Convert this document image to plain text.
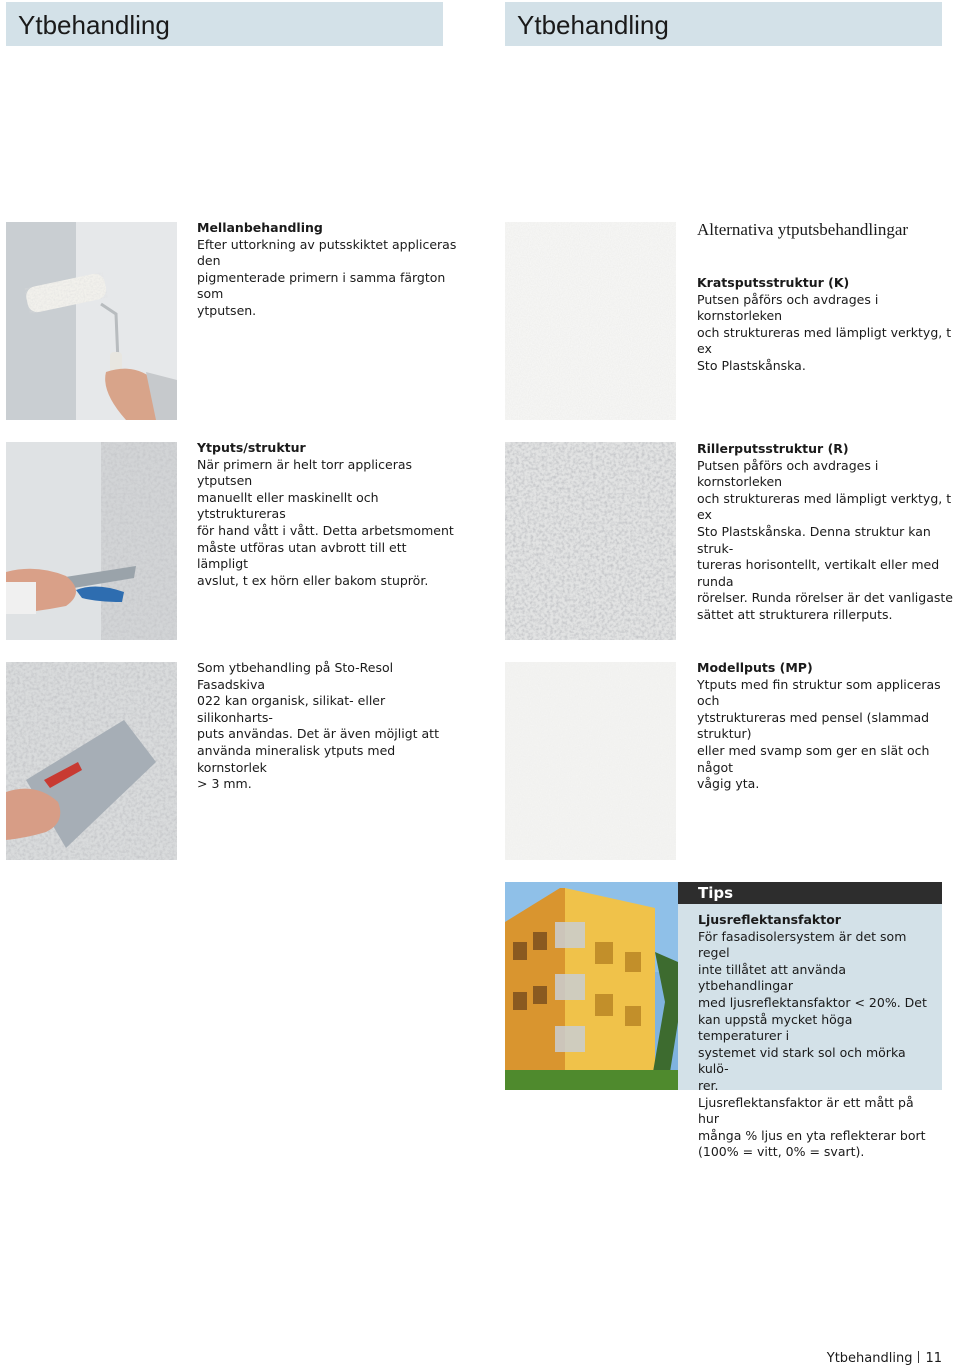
Ytbehandling	Ytbehandling
Mellanbehandling

Efter uttorkning av putsskiktet appliceras den

pigmenterade primern i samma färgton som

ytputsen.

Ytputs/struktur

När primern är helt torr appliceras ytputsen

manuellt eller maskinellt och ytstruktureras

för hand vått i vått. Detta arbetsmoment

måste utföras utan avbrott till ett lämpligt

avslut, t ex hörn eller bakom stuprör.

Som ytbehandling på Sto-Resol Fasadskiva

022 kan organisk, silikat- eller silikonharts-

puts användas. Det är även möjligt att

använda mineralisk ytputs med kornstorlek

> 3 mm.

Alternativa ytputsbehandlingar
Kratsputsstruktur (K)

Putsen påförs och avdrages i kornstorleken

och struktureras med lämpligt verktyg, t ex

Sto Plastskånska.

Rillerputsstruktur (R)

Putsen påförs och avdrages i kornstorleken

och struktureras med lämpligt verktyg, t ex

Sto Plastskånska. Denna struktur kan struk-

tureras horisontellt, vertikalt eller med runda

rörelser. Runda rörelser är det vanligaste

sättet att strukturera rillerputs.

Modellputs (MP)

Ytputs med fin struktur som appliceras och

ytstruktureras med pensel (slammad struktur)

eller med svamp som ger en slät och något

vågig yta.

Tips
Ljusreflektansfaktor

För fasadisolersystem är det som regel

inte tillåtet att använda ytbehandlingar

med ljusreflektansfaktor < 20%. Det

kan uppstå mycket höga temperaturer i

systemet vid stark sol och mörka kulö-

rer.

Ljusreflektansfaktor är ett mått på hur

många % ljus en yta reflekterar bort

(100% = vitt, 0% = svart).

Ytbehandling 11
